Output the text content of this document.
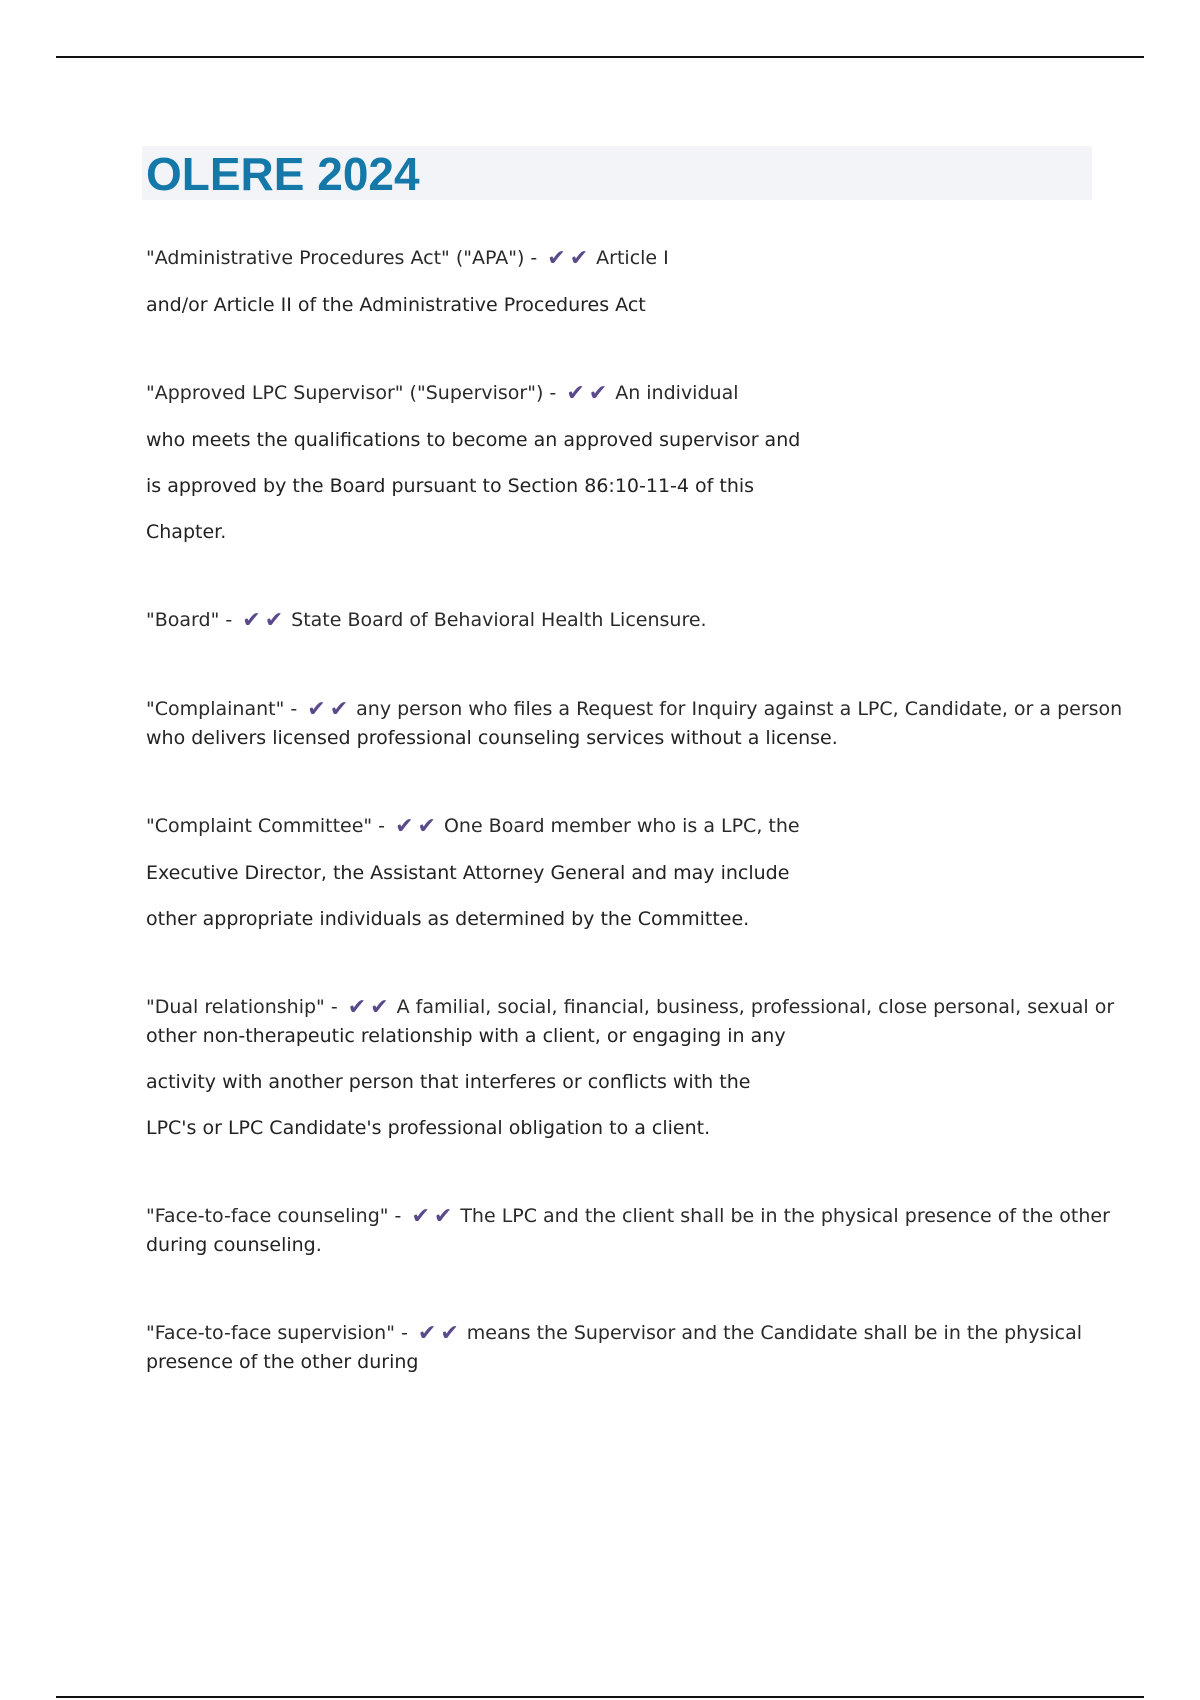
OLERE 2024

"Administrative Procedures Act" ("APA") - ✔✔ Article I

and/or Article II of the Administrative Procedures Act

"Approved LPC Supervisor" ("Supervisor") - ✔✔ An individual

who meets the qualifications to become an approved supervisor and

is approved by the Board pursuant to Section 86:10-11-4 of this

Chapter.

"Board" - ✔✔ State Board of Behavioral Health Licensure.

"Complainant" - ✔✔ any person who files a Request for Inquiry against a LPC, Candidate, or a person

who delivers licensed professional counseling services without a license.

"Complaint Committee" - ✔✔ One Board member who is a LPC, the

Executive Director, the Assistant Attorney General and may include

other appropriate individuals as determined by the Committee.

"Dual relationship" - ✔✔ A familial, social, financial, business, professional, close personal, sexual or

other non-therapeutic relationship with a client, or engaging in any

activity with another person that interferes or conflicts with the

LPC's or LPC Candidate's professional obligation to a client.

"Face-to-face counseling" - ✔✔ The LPC and the client shall be in the physical presence of the other

during counseling.

"Face-to-face supervision" - ✔✔ means the Supervisor and the Candidate shall be in the physical

presence of the other during
